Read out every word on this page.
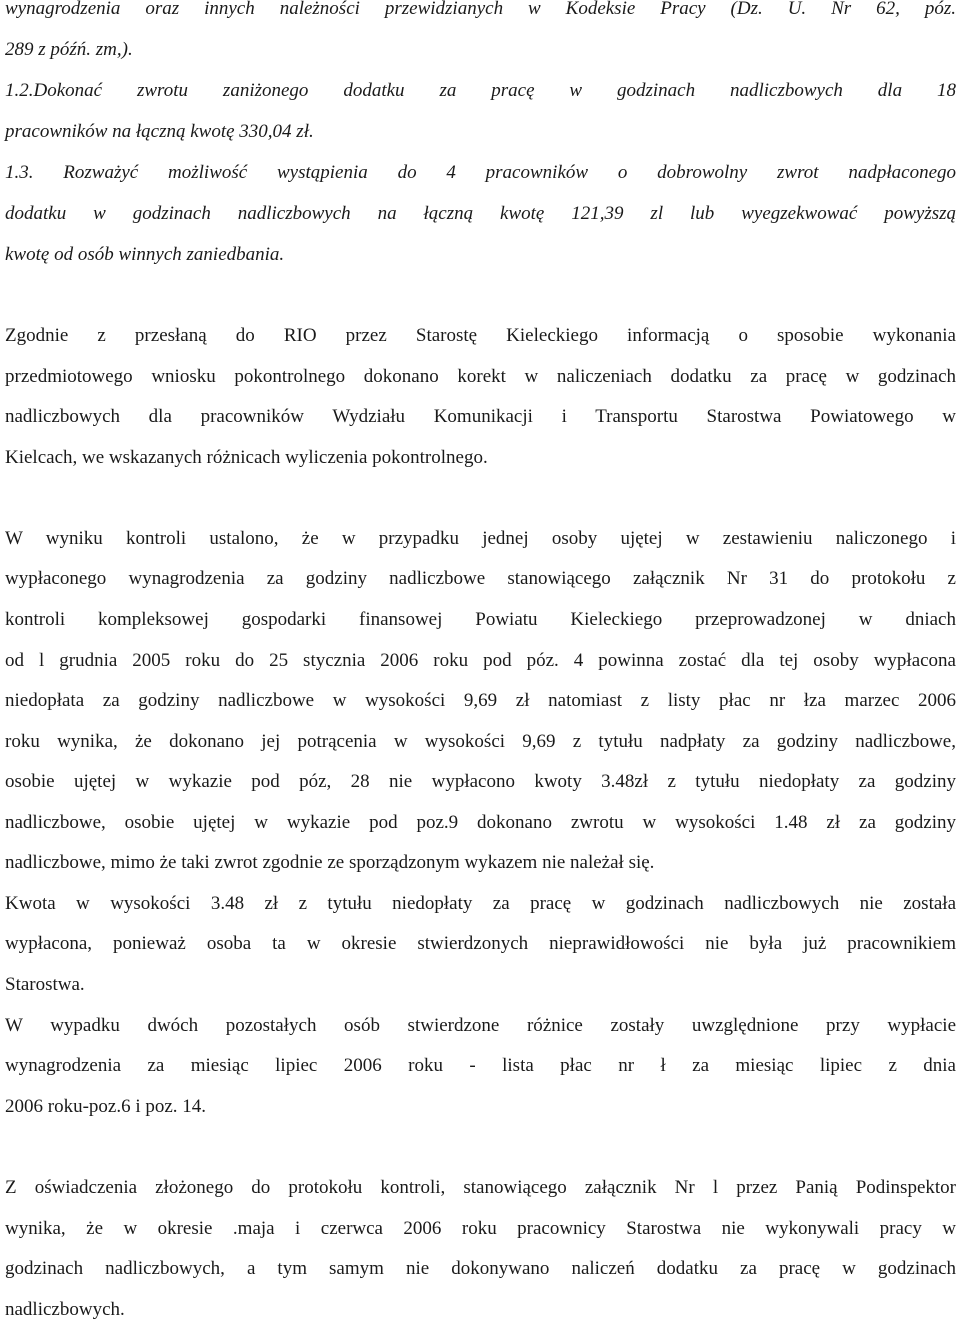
wynagrodzenia oraz innych należności przewidzianych w Kodeksie Pracy (Dz. U. Nr 62, póz.
289 z późń. zm,).
1.2.Dokonać zwrotu zaniżonego dodatku za pracę w godzinach nadliczbowych dla 18
pracowników na łączną kwotę 330,04 zł.
1.3. Rozważyć możliwość wystąpienia do 4 pracowników o dobrowolny zwrot nadpłaconego
dodatku w godzinach nadliczbowych na łączną kwotę 121,39 zl lub wyegzekwować powyższą
kwotę od osób winnych zaniedbania.
Zgodnie z przesłaną do RIO przez Starostę Kieleckiego informacją o sposobie wykonania
przedmiotowego wniosku pokontrolnego dokonano korekt w naliczeniach dodatku za pracę w godzinach
nadliczbowych dla pracowników Wydziału Komunikacji i Transportu Starostwa Powiatowego w
Kielcach, we wskazanych różnicach wyliczenia pokontrolnego.
W wyniku kontroli ustalono, że w przypadku jednej osoby ujętej w zestawieniu naliczonego i
wypłaconego wynagrodzenia za godziny nadliczbowe stanowiącego załącznik Nr 31 do protokołu z
kontroli kompleksowej gospodarki finansowej Powiatu Kieleckiego przeprowadzonej w dniach
od l grudnia 2005 roku do 25 stycznia 2006 roku pod póz. 4 powinna zostać dla tej osoby wypłacona
niedopłata za godziny nadliczbowe w wysokości 9,69 zł natomiast z listy płac nr łza marzec 2006
roku wynika, że dokonano jej potrącenia w wysokości 9,69 z tytułu nadpłaty za godziny nadliczbowe,
osobie ujętej w wykazie pod póz, 28 nie wypłacono kwoty 3.48zł z tytułu niedopłaty za godziny
nadliczbowe, osobie ujętej w wykazie pod poz.9 dokonano zwrotu w wysokości 1.48 zł za godziny
nadliczbowe, mimo że taki zwrot zgodnie ze sporządzonym wykazem nie należał się.
Kwota w wysokości 3.48 zł z tytułu niedopłaty za pracę w godzinach nadliczbowych nie została
wypłacona, ponieważ osoba ta w okresie stwierdzonych nieprawidłowości nie była już pracownikiem
Starostwa.
W wypadku dwóch pozostałych osób stwierdzone różnice zostały uwzględnione przy wypłacie
wynagrodzenia za miesiąc lipiec 2006 roku - lista płac nr ł za miesiąc lipiec z dnia
2006 roku-poz.6 i poz. 14.
Z oświadczenia złożonego do protokołu kontroli, stanowiącego załącznik Nr l przez Panią Podinspektor
wynika, że w okresie .maja i czerwca 2006 roku pracownicy Starostwa nie wykonywali pracy w
godzinach nadliczbowych, a tym samym nie dokonywano naliczeń dodatku za pracę w godzinach
nadliczbowych.
